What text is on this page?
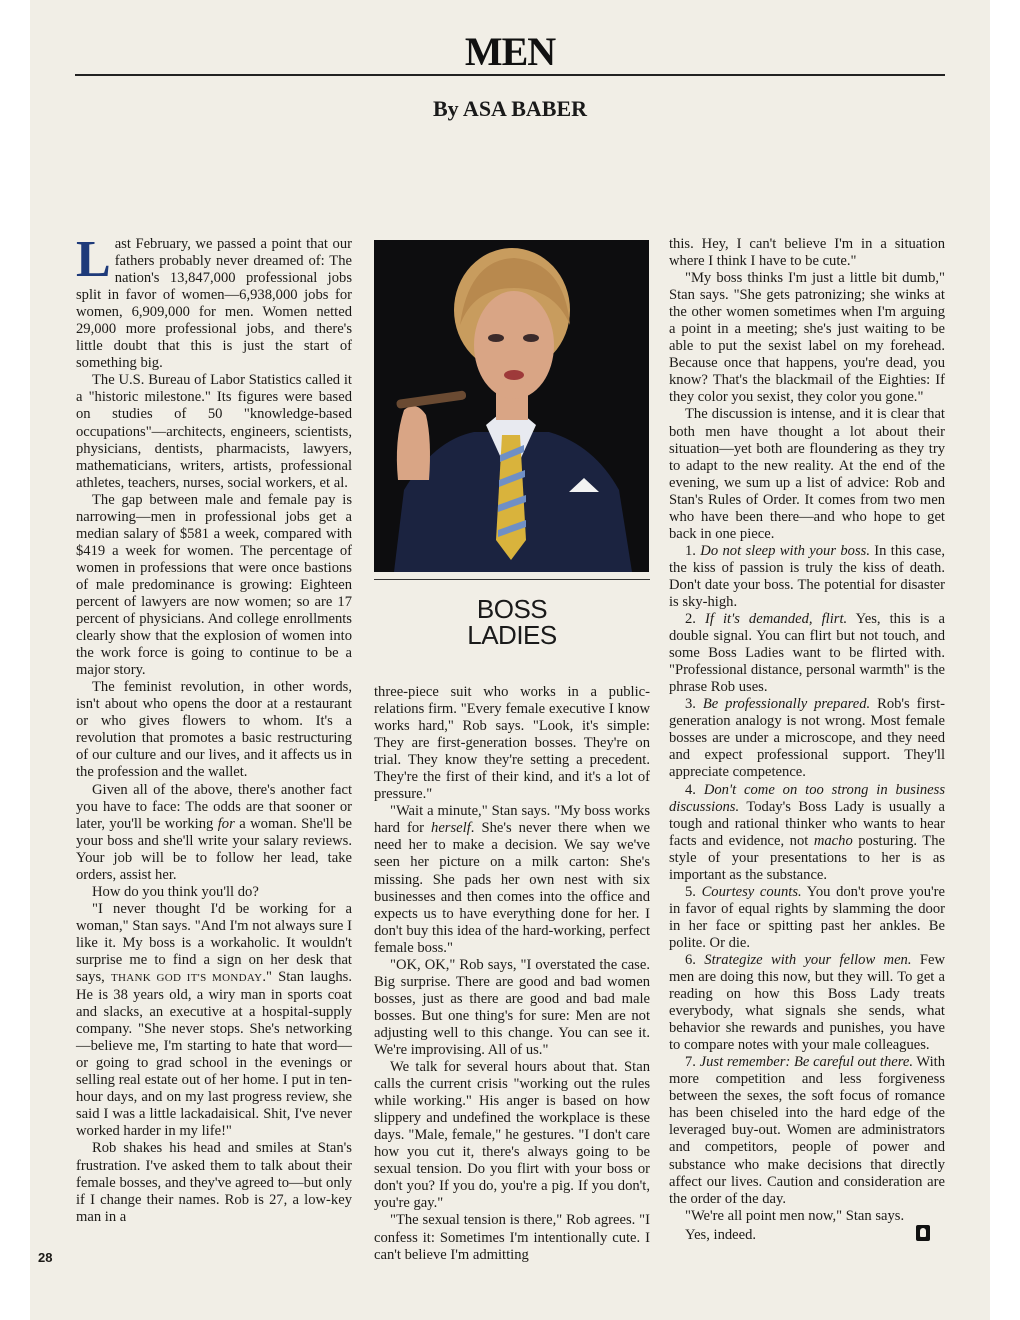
MEN
By ASA BABER

Last February, we passed a point that our fathers probably never dreamed of: The nation's 13,847,000 professional jobs split in favor of women—6,938,000 jobs for women, 6,909,000 for men. Women netted 29,000 more professional jobs, and there's little doubt that this is just the start of something big.

The U.S. Bureau of Labor Statistics called it a "historic milestone." Its figures were based on studies of 50 "knowledge-based occupations"—architects, engineers, scientists, physicians, dentists, pharmacists, lawyers, mathematicians, writers, artists, professional athletes, teachers, nurses, social workers, et al.

The gap between male and female pay is narrowing—men in professional jobs get a median salary of $581 a week, compared with $419 a week for women. The percentage of women in professions that were once bastions of male predominance is growing: Eighteen percent of lawyers are now women; so are 17 percent of physicians. And college enrollments clearly show that the explosion of women into the work force is going to continue to be a major story.

The feminist revolution, in other words, isn't about who opens the door at a restaurant or who gives flowers to whom. It's a revolution that promotes a basic restructuring of our culture and our lives, and it affects us in the profession and the wallet.

Given all of the above, there's another fact you have to face: The odds are that sooner or later, you'll be working for a woman. She'll be your boss and she'll write your salary reviews. Your job will be to follow her lead, take orders, assist her.

How do you think you'll do?

"I never thought I'd be working for a woman," Stan says. "And I'm not always sure I like it. My boss is a workaholic. It wouldn't surprise me to find a sign on her desk that says, THANK GOD IT'S MONDAY." Stan laughs. He is 38 years old, a wiry man in sports coat and slacks, an executive at a hospital-supply company. "She never stops. She's networking—believe me, I'm starting to hate that word—or going to grad school in the evenings or selling real estate out of her home. I put in ten-hour days, and on my last progress review, she said I was a little lackadaisical. Shit, I've never worked harder in my life!"

Rob shakes his head and smiles at Stan's frustration. I've asked them to talk about their female bosses, and they've agreed to—but only if I change their names. Rob is 27, a low-key man in a

BOSS
LADIES

three-piece suit who works in a public-relations firm. "Every female executive I know works hard," Rob says. "Look, it's simple: They are first-generation bosses. They're on trial. They know they're setting a precedent. They're the first of their kind, and it's a lot of pressure."

"Wait a minute," Stan says. "My boss works hard for herself. She's never there when we need her to make a decision. We say we've seen her picture on a milk carton: She's missing. She pads her own nest with six businesses and then comes into the office and expects us to have everything done for her. I don't buy this idea of the hard-working, perfect female boss."

"OK, OK," Rob says, "I overstated the case. Big surprise. There are good and bad women bosses, just as there are good and bad male bosses. But one thing's for sure: Men are not adjusting well to this change. You can see it. We're improvising. All of us."

We talk for several hours about that. Stan calls the current crisis "working out the rules while working." His anger is based on how slippery and undefined the workplace is these days. "Male, female," he gestures. "I don't care how you cut it, there's always going to be sexual tension. Do you flirt with your boss or don't you? If you do, you're a pig. If you don't, you're gay."

"The sexual tension is there," Rob agrees. "I confess it: Sometimes I'm intentionally cute. I can't believe I'm admitting

this. Hey, I can't believe I'm in a situation where I think I have to be cute."

"My boss thinks I'm just a little bit dumb," Stan says. "She gets patronizing; she winks at the other women sometimes when I'm arguing a point in a meeting; she's just waiting to be able to put the sexist label on my forehead. Because once that happens, you're dead, you know? That's the blackmail of the Eighties: If they color you sexist, they color you gone."

The discussion is intense, and it is clear that both men have thought a lot about their situation—yet both are floundering as they try to adapt to the new reality. At the end of the evening, we sum up a list of advice: Rob and Stan's Rules of Order. It comes from two men who have been there—and who hope to get back in one piece.

1. Do not sleep with your boss. In this case, the kiss of passion is truly the kiss of death. Don't date your boss. The potential for disaster is sky-high.

2. If it's demanded, flirt. Yes, this is a double signal. You can flirt but not touch, and some Boss Ladies want to be flirted with. "Professional distance, personal warmth" is the phrase Rob uses.

3. Be professionally prepared. Rob's first-generation analogy is not wrong. Most female bosses are under a microscope, and they need and expect professional support. They'll appreciate competence.

4. Don't come on too strong in business discussions. Today's Boss Lady is usually a tough and rational thinker who wants to hear facts and evidence, not macho posturing. The style of your presentations to her is as important as the substance.

5. Courtesy counts. You don't prove you're in favor of equal rights by slamming the door in her face or spitting past her ankles. Be polite. Or die.

6. Strategize with your fellow men. Few men are doing this now, but they will. To get a reading on how this Boss Lady treats everybody, what signals she sends, what behavior she rewards and punishes, you have to compare notes with your male colleagues.

7. Just remember: Be careful out there. With more competition and less forgiveness between the sexes, the soft focus of romance has been chiseled into the hard edge of the leveraged buy-out. Women are administrators and competitors, people of power and substance who make decisions that directly affect our lives. Caution and consideration are the order of the day.

"We're all point men now," Stan says.

Yes, indeed.

28
